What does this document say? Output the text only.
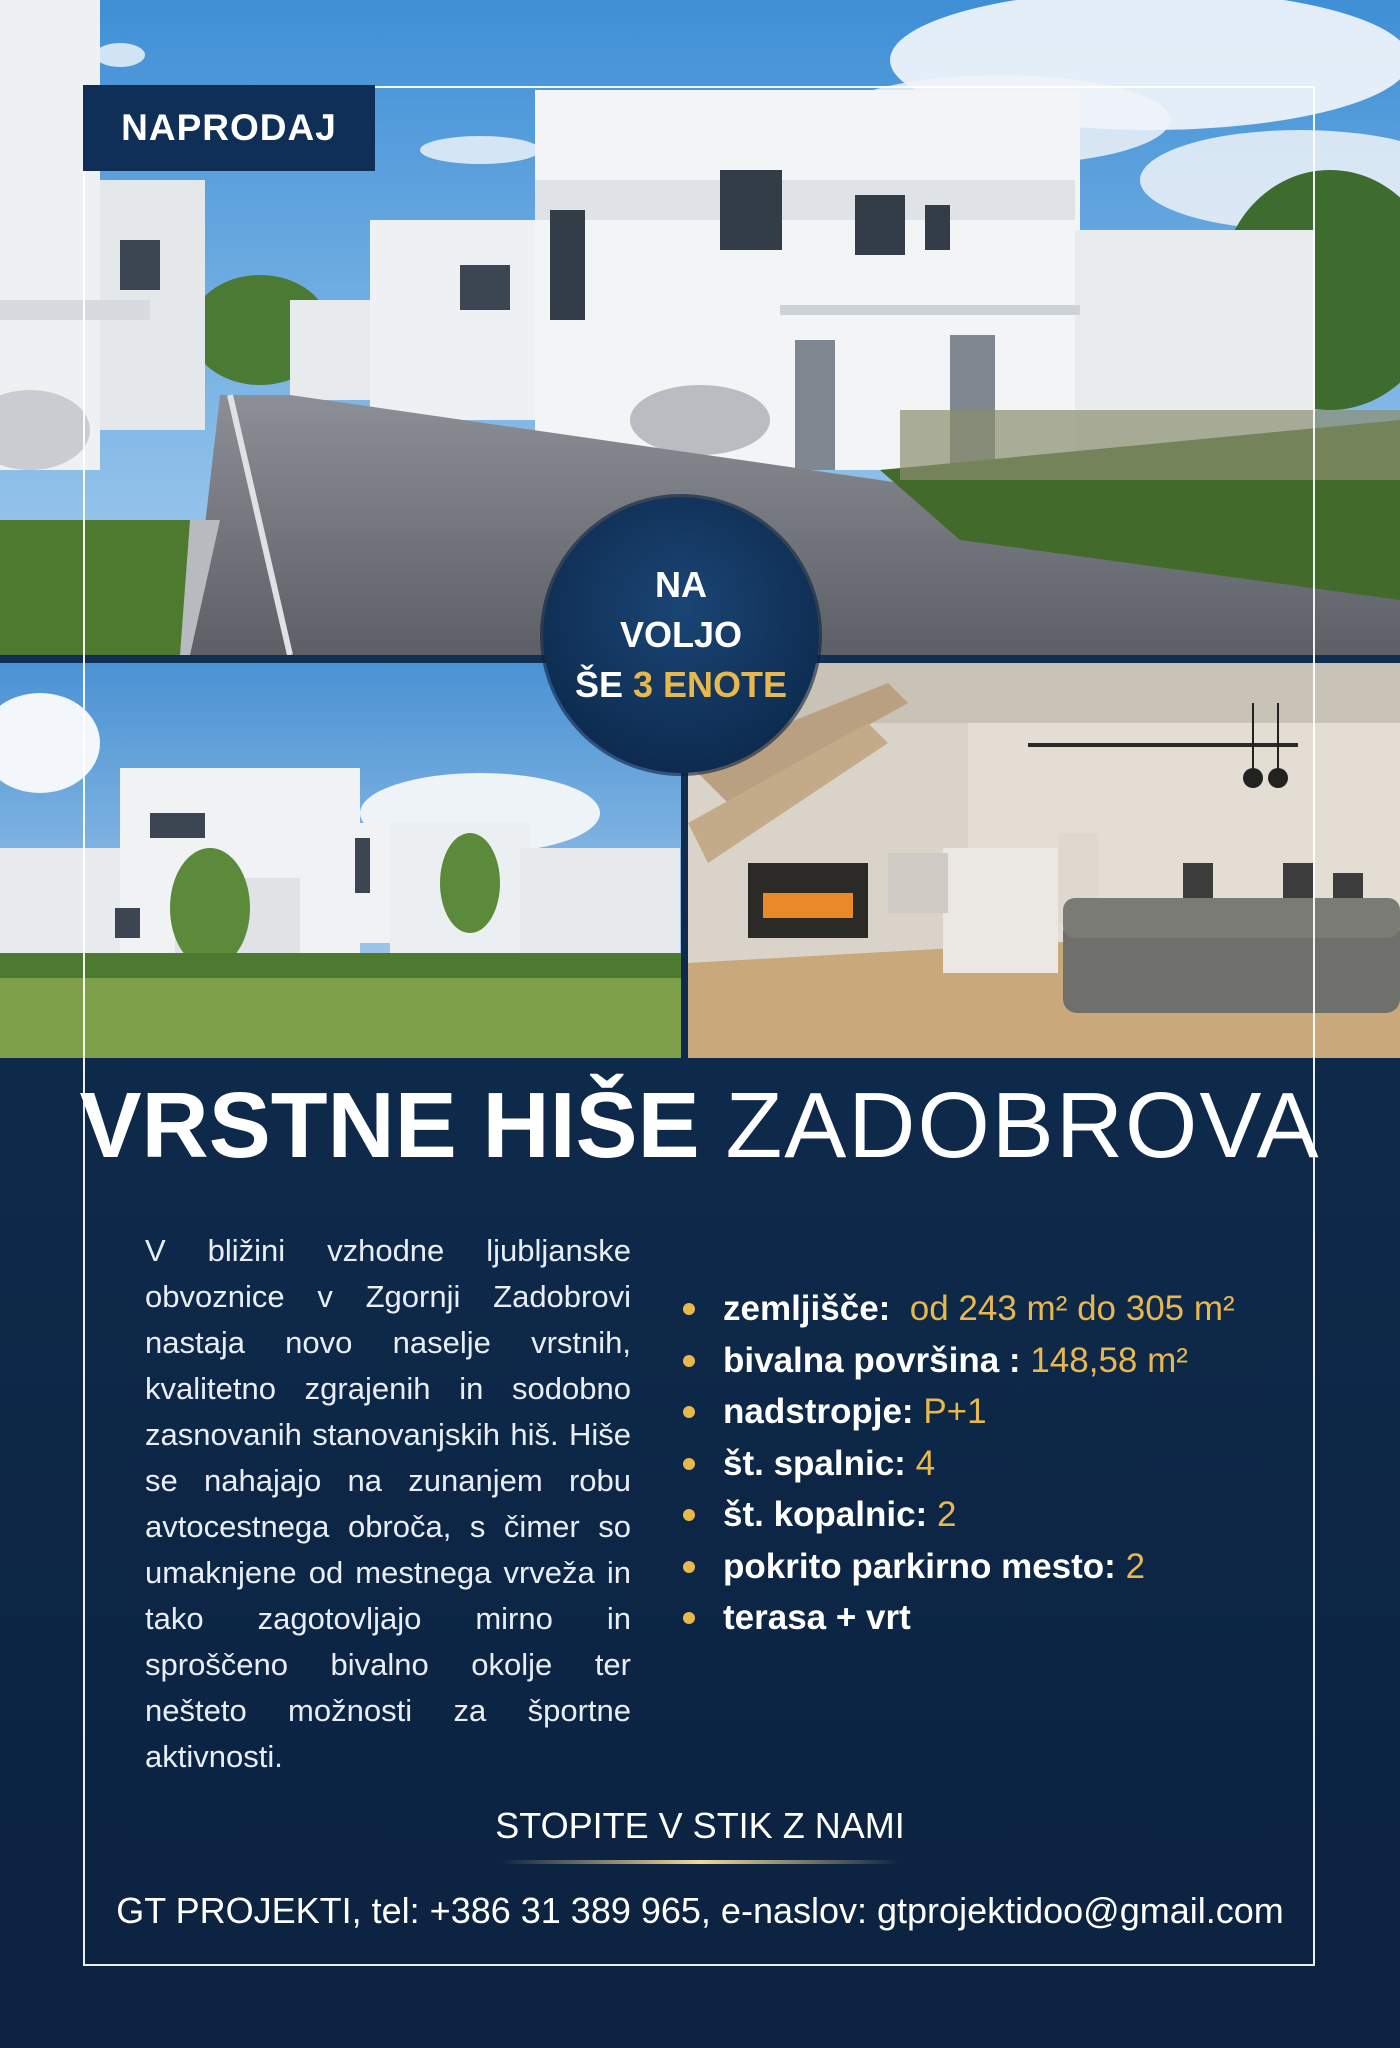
NAPRODAJ
NA
VOLJO
ŠE 3 ENOTE
VRSTNE HIŠE ZADOBROVA
V bližini vzhodne ljubljanske obvoznice v Zgornji Zadobrovi nastaja novo naselje vrstnih, kvalitetno zgrajenih in sodobno zasnovanih stanovanjskih hiš. Hiše se nahajajo na zunanjem robu avtocestnega obroča, s čimer so umaknjene od mestnega vrveža in tako zagotovljajo mirno in sproščeno bivalno okolje ter nešteto možnosti za športne aktivnosti.
zemljišče: od 243 m² do 305 m²
bivalna površina : 148,58 m²
nadstropje: P+1
št. spalnic: 4
št. kopalnic: 2
pokrito parkirno mesto: 2
terasa + vrt
STOPITE V STIK Z NAMI
GT PROJEKTI, tel: +386 31 389 965, e-naslov: gtprojektidoo@gmail.com
